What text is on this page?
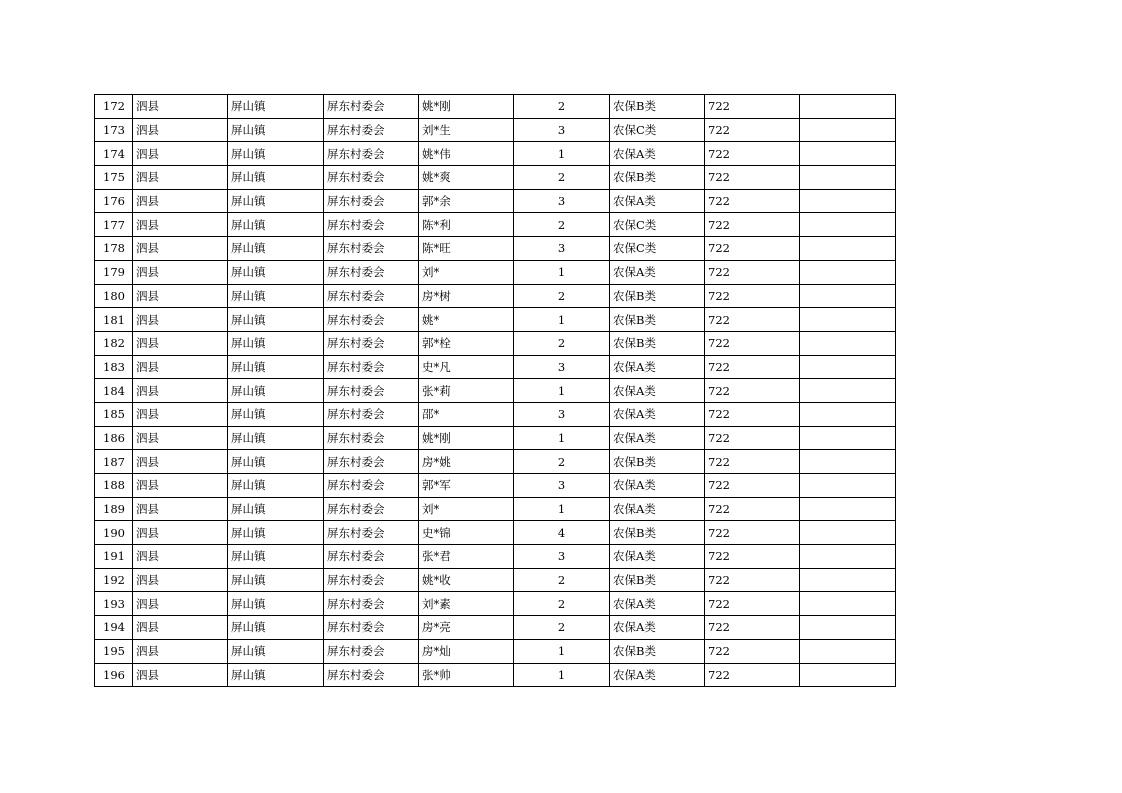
172	泗县	屏山镇	屏东村委会	姚*刚	2	农保B类	722	
173	泗县	屏山镇	屏东村委会	刘*生	3	农保C类	722	
174	泗县	屏山镇	屏东村委会	姚*伟	1	农保A类	722	
175	泗县	屏山镇	屏东村委会	姚*爽	2	农保B类	722	
176	泗县	屏山镇	屏东村委会	郭*余	3	农保A类	722	
177	泗县	屏山镇	屏东村委会	陈*利	2	农保C类	722	
178	泗县	屏山镇	屏东村委会	陈*旺	3	农保C类	722	
179	泗县	屏山镇	屏东村委会	刘*	1	农保A类	722	
180	泗县	屏山镇	屏东村委会	房*树	2	农保B类	722	
181	泗县	屏山镇	屏东村委会	姚*	1	农保B类	722	
182	泗县	屏山镇	屏东村委会	郭*栓	2	农保B类	722	
183	泗县	屏山镇	屏东村委会	史*凡	3	农保A类	722	
184	泗县	屏山镇	屏东村委会	张*莉	1	农保A类	722	
185	泗县	屏山镇	屏东村委会	邵*	3	农保A类	722	
186	泗县	屏山镇	屏东村委会	姚*刚	1	农保A类	722	
187	泗县	屏山镇	屏东村委会	房*姚	2	农保B类	722	
188	泗县	屏山镇	屏东村委会	郭*军	3	农保A类	722	
189	泗县	屏山镇	屏东村委会	刘*	1	农保A类	722	
190	泗县	屏山镇	屏东村委会	史*锦	4	农保B类	722	
191	泗县	屏山镇	屏东村委会	张*君	3	农保A类	722	
192	泗县	屏山镇	屏东村委会	姚*收	2	农保B类	722	
193	泗县	屏山镇	屏东村委会	刘*素	2	农保A类	722	
194	泗县	屏山镇	屏东村委会	房*亮	2	农保A类	722	
195	泗县	屏山镇	屏东村委会	房*灿	1	农保B类	722	
196	泗县	屏山镇	屏东村委会	张*帅	1	农保A类	722	
